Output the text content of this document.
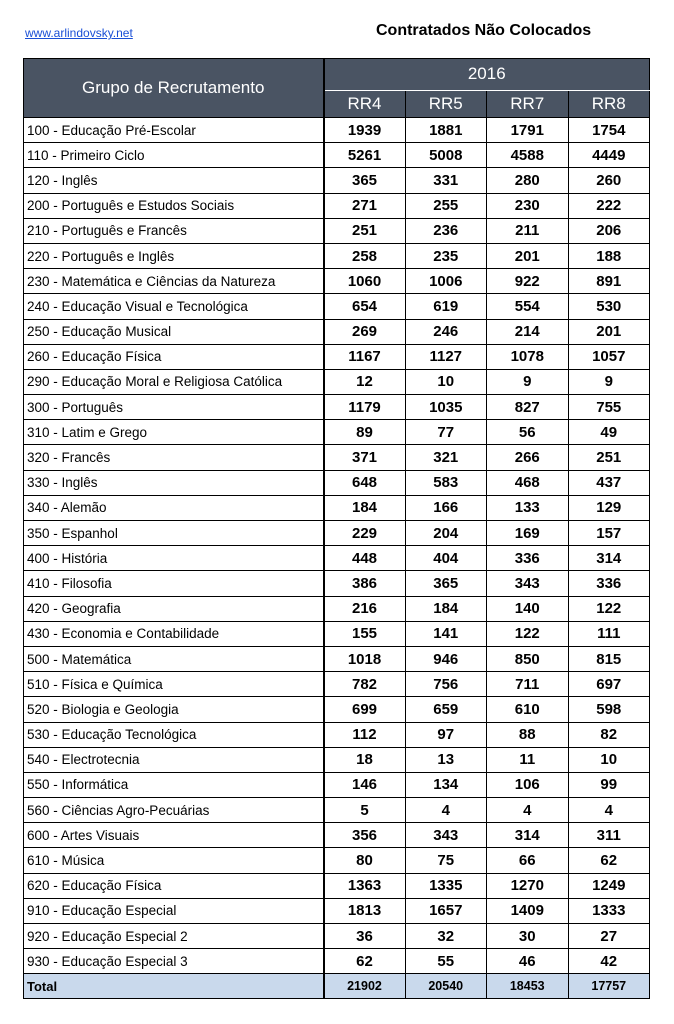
www.arlindovsky.net	Contratados Não Colocados
Grupo de Recrutamento	2016			
	RR4	RR5	RR7	RR8
100 - Educação Pré-Escolar	1939	1881	1791	1754
110 - Primeiro Ciclo	5261	5008	4588	4449
120 - Inglês	365	331	280	260
200 - Português e Estudos Sociais	271	255	230	222
210 - Português e Francês	251	236	211	206
220 - Português e Inglês	258	235	201	188
230 - Matemática e Ciências da Natureza	1060	1006	922	891
240 - Educação Visual e Tecnológica	654	619	554	530
250 - Educação Musical	269	246	214	201
260 - Educação Física	1167	1127	1078	1057
290 - Educação Moral e Religiosa Católica	12	10	9	9
300 - Português	1179	1035	827	755
310 - Latim e Grego	89	77	56	49
320 - Francês	371	321	266	251
330 - Inglês	648	583	468	437
340 - Alemão	184	166	133	129
350 - Espanhol	229	204	169	157
400 - História	448	404	336	314
410 - Filosofia	386	365	343	336
420 - Geografia	216	184	140	122
430 - Economia e Contabilidade	155	141	122	111
500 - Matemática	1018	946	850	815
510 - Física e Química	782	756	711	697
520 - Biologia e Geologia	699	659	610	598
530 - Educação Tecnológica	112	97	88	82
540 - Electrotecnia	18	13	11	10
550 - Informática	146	134	106	99
560 - Ciências Agro-Pecuárias	5	4	4	4
600 - Artes Visuais	356	343	314	311
610 - Música	80	75	66	62
620 - Educação Física	1363	1335	1270	1249
910 - Educação Especial	1813	1657	1409	1333
920 - Educação Especial 2	36	32	30	27
930 - Educação Especial 3	62	55	46	42
Total	21902	20540	18453	17757
